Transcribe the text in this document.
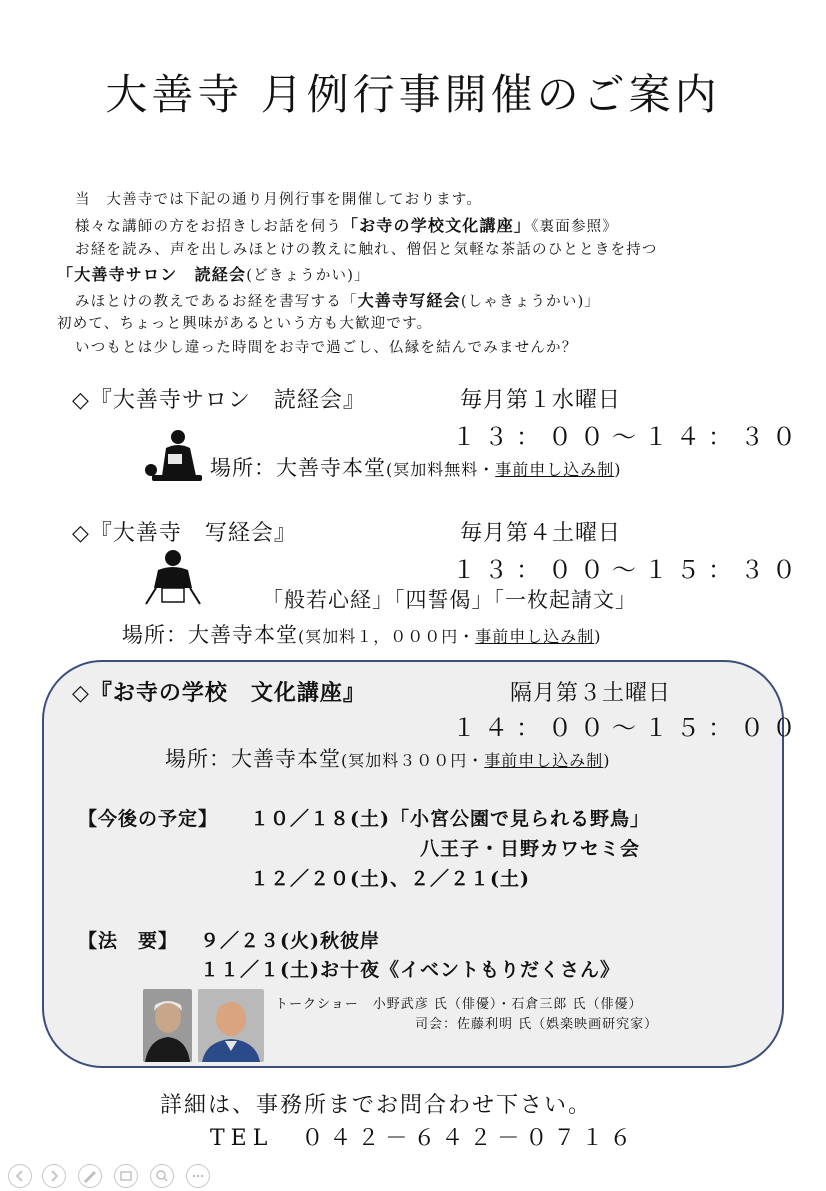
大善寺 月例行事開催のご案内
当　大善寺では下記の通り月例行事を開催しております。
様々な講師の方をお招きしお話を伺う「お寺の学校文化講座」《裏面参照》
お経を読み、声を出しみほとけの教えに触れ、僧侶と気軽な茶話のひとときを持つ
「大善寺サロン　読経会(どきょうかい)」
みほとけの教えであるお経を書写する「大善寺写経会(しゃきょうかい)」
初めて、ちょっと興味があるという方も大歓迎です。
いつもとは少し違った時間をお寺で過ごし、仏縁を結んでみませんか？
◇『大善寺サロン　読経会』	毎月第１水曜日
１３：００～１４：３０
場所：大善寺本堂(冥加料無料・事前申し込み制)
◇『大善寺　写経会』	毎月第４土曜日
１３：００～１５：３０
「般若心経」「四誓偈」「一枚起請文」
場所：大善寺本堂(冥加料１，０００円・事前申し込み制)
◇『お寺の学校　文化講座』	隔月第３土曜日
１４：００～１５：００
場所：大善寺本堂(冥加料３００円・事前申し込み制)
【今後の予定】 １０／１８(土)「小宮公園で見られる野鳥」
八王子・日野カワセミ会
１２／２０(土)、２／２１(土)
【法　要】 ９／２３(火)秋彼岸
１１／１(土)お十夜《イベントもりだくさん》
トークショー　小野武彦 氏（俳優）・石倉三郎 氏（俳優）
司会：佐藤利明 氏（娯楽映画研究家）
詳細は、事務所までお問合わせ下さい。
TEL　０４２－６４２－０７１６
